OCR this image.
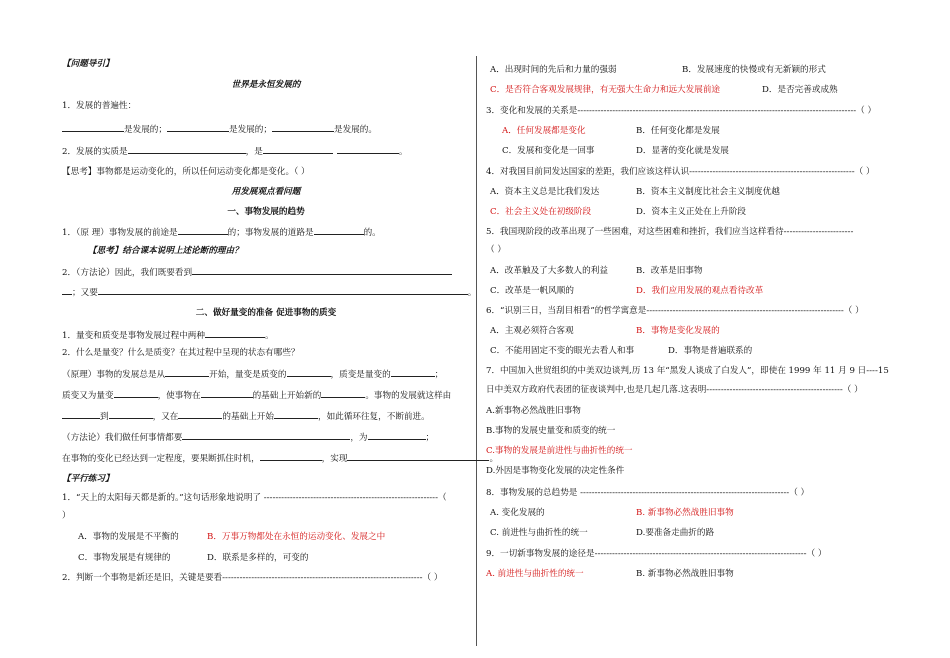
【问题导引】
世界是永恒发展的
1．发展的普遍性：
是发展的；	是发展的；	是发展的。
2．发展的实质是	，是	。
【思考】事物都是运动变化的，所以任何运动变化都是变化。（ ）
用发展观点看问题
一、事物发展的趋势
1．（原 理）事物发展的前途是	的；事物发展的道路是	的。
【思考】结合课本说明上述论断的理由？
2．（方法论）因此，我们既要看到
；又要	。
二、做好量变的准备 促进事物的质变
1．量变和质变是事物发展过程中两种	。
2．什么是量变？什么是质变？在其过程中呈现的状态有哪些？
（原理）事物的发展总是从	开始，量变是质变的	，质变是量变的	；
质变又为量变	，使事物在	的基础上开始新的	。事物的发展就这样由
到	，又在	的基础上开始	，如此循环往复，不断前进。
（方法论）我们做任何事情都要	，为	；
在事物的变化已经达到一定程度，要果断抓住时机，	，实现	。
【平行练习】
1．“天上的太阳每天都是新的。”这句话形象地说明了 ------------------------------------------------------------（
）
A．事物的发展是不平衡的	B．万事万物都处在永恒的运动变化、发展之中
C．事物发展是有规律的	D．联系是多样的，可变的
2．判断一个事物是新还是旧，关键是要看---------------------------------------------------------------------（ ）
A．出现时间的先后和力量的强弱	B．发展速度的快慢或有无新颖的形式
C．是否符合客观发展规律，有无强大生命力和远大发展前途	D．是否完善或成熟
3．变化和发展的关系是------------------------------------------------------------------------------------------------（ ）
A．任何发展都是变化	B．任何变化都是发展
C．发展和变化是一回事	D．显著的变化就是发展
4．对我国目前同发达国家的差距，我们应该这样认识---------------------------------------------------------（ ）
A．资本主义总是比我们发达	B．资本主义制度比社会主义制度优越
C．社会主义处在初级阶段	D．资本主义正处在上升阶段
5．我国现阶段的改革出现了一些困难，对这些困难和挫折，我们应当这样看待------------------------
（ ）
A．改革触及了大多数人的利益	B．改革是旧事物
C．改革是一帆风顺的	D．我们应用发展的观点看待改革
6．“识别三日，当刮目相看”的哲学寓意是--------------------------------------------------------------------（ ）
A．主观必须符合客观	B．事物是变化发展的
C．不能用固定不变的眼光去看人和事	D．事物是普遍联系的
7．中国加入世贸组织的中美双边谈判,历 13 年“黑发人谈成了白发人”，即使在 1999 年 11 月 9 日----15
日中美双方政府代表团的征夜谈判中,也是几起几落.这表明-----------------------------------------------（ ）
A.新事物必然战胜旧事物
B.事物的发展史量变和质变的统一
C.事物的发展是前进性与曲折性的统一
D.外因是事物变化发展的决定性条件
8．事物发展的总趋势是 ------------------------------------------------------------------------（ ）
A. 变化发展的	B. 新事物必然战胜旧事物
C. 前进性与曲折性的统一	D.要准备走曲折的路
9．一切新事物发展的途径是-------------------------------------------------------------------------（ ）
A. 前进性与曲折性的统一	B. 新事物必然战胜旧事物
